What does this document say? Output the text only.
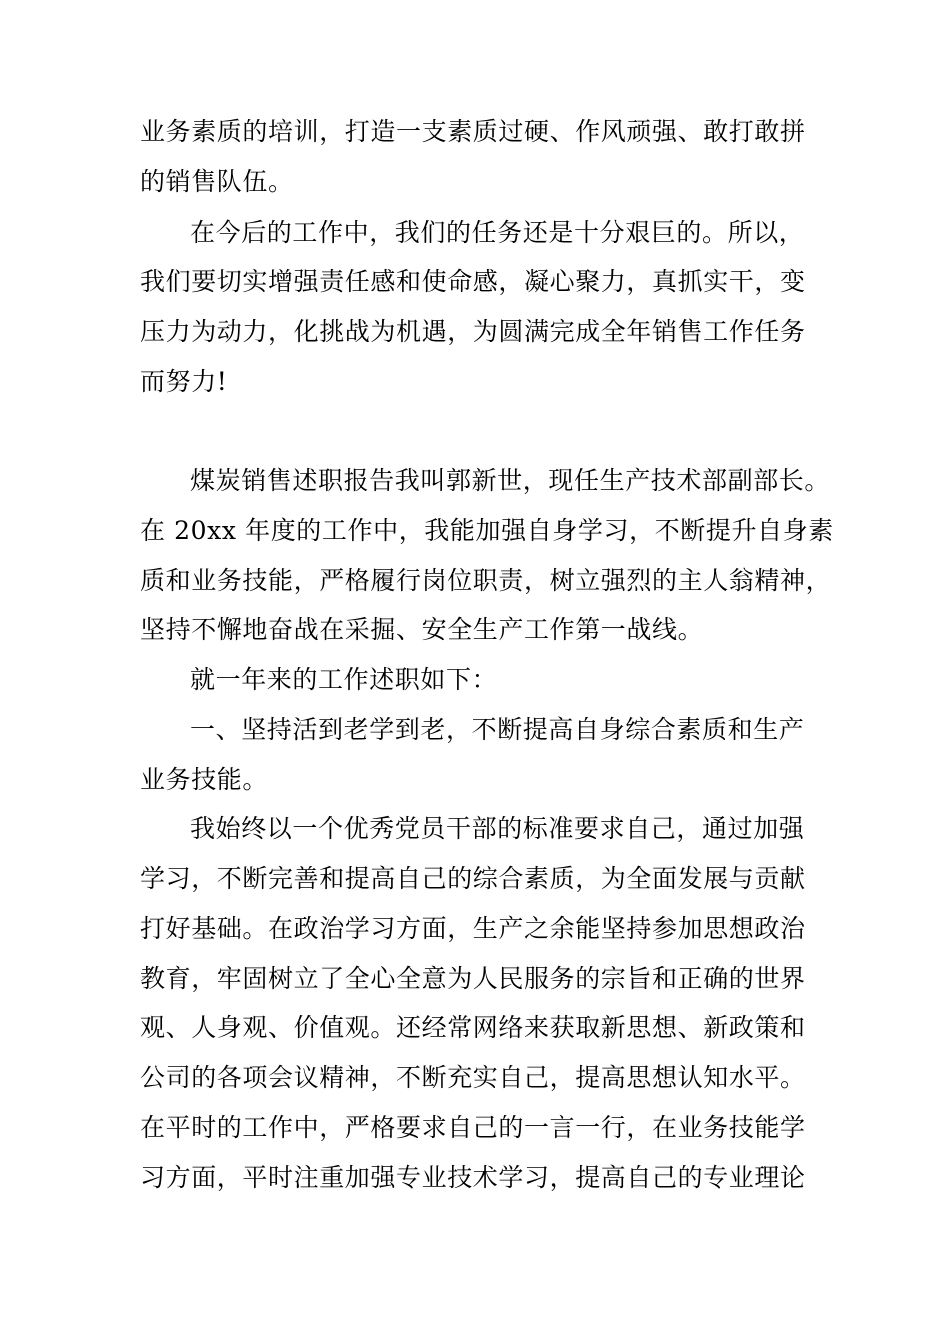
业务素质的培训，打造一支素质过硬、作风顽强、敢打敢拼
的销售队伍。
在今后的工作中，我们的任务还是十分艰巨的。所以，
我们要切实增强责任感和使命感，凝心聚力，真抓实干，变
压力为动力，化挑战为机遇，为圆满完成全年销售工作任务
而努力!
煤炭销售述职报告我叫郭新世，现任生产技术部副部长。
在 20xx 年度的工作中，我能加强自身学习，不断提升自身素
质和业务技能，严格履行岗位职责，树立强烈的主人翁精神，
坚持不懈地奋战在采掘、安全生产工作第一战线。
就一年来的工作述职如下：
一、坚持活到老学到老，不断提高自身综合素质和生产
业务技能。
我始终以一个优秀党员干部的标准要求自己，通过加强
学习，不断完善和提高自己的综合素质，为全面发展与贡献
打好基础。在政治学习方面，生产之余能坚持参加思想政治
教育，牢固树立了全心全意为人民服务的宗旨和正确的世界
观、人身观、价值观。还经常网络来获取新思想、新政策和
公司的各项会议精神，不断充实自己，提高思想认知水平。
在平时的工作中，严格要求自己的一言一行，在业务技能学
习方面，平时注重加强专业技术学习，提高自己的专业理论
